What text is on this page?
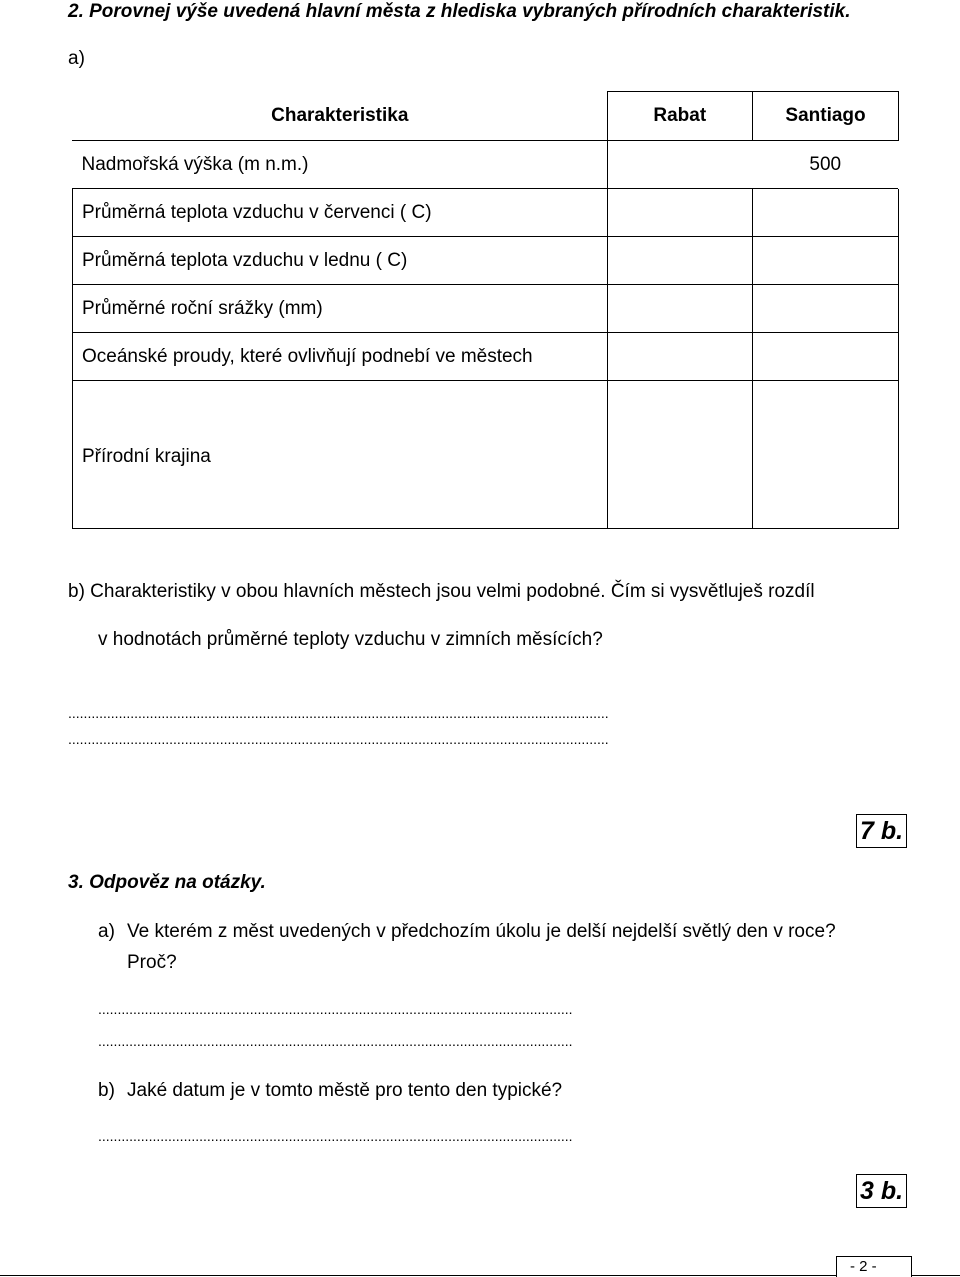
2. Porovnej výše uvedená hlavní města z hlediska vybraných přírodních charakteristik.
a)
Charakteristika	Rabat	Santiago
Nadmořská výška (m n.m.)		500
Průměrná teplota vzduchu v červenci ( C)		
Průměrná teplota vzduchu v lednu ( C)		
Průměrné roční srážky (mm)		
Oceánské proudy, které ovlivňují podnebí ve městech		
Přírodní krajina		
b) Charakteristiky v obou hlavních městech jsou velmi podobné. Čím si vysvětluješ rozdíl
v hodnotách průměrné teploty vzduchu v zimních měsících?
...........................................................................................................................................
...........................................................................................................................................
7 b.
3. Odpověz na otázky.
a) Ve kterém z měst uvedených v předchozím úkolu je delší nejdelší světlý den v roce?
Proč?
..........................................................................................................................
..........................................................................................................................
b) Jaké datum je v tomto městě pro tento den typické?
..........................................................................................................................
3 b.
- 2 -
